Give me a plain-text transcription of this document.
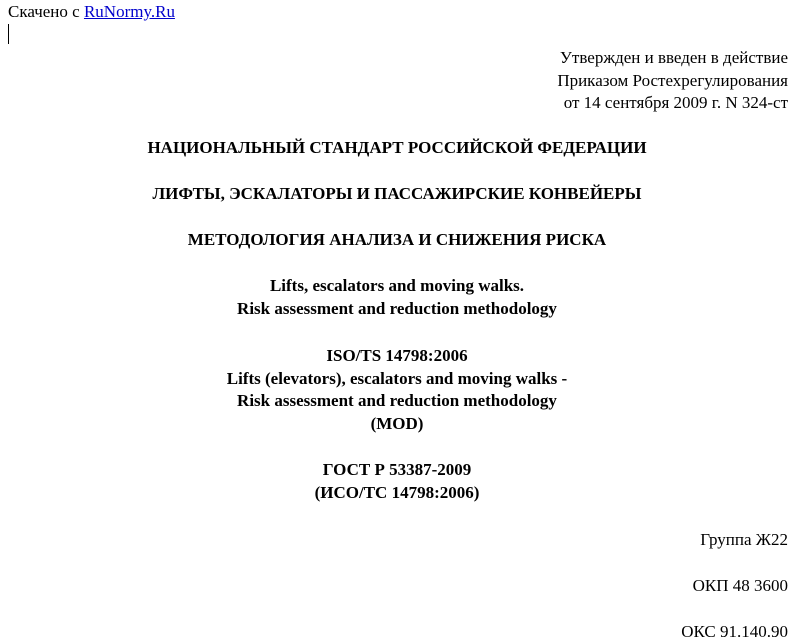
Скачено с RuNormy.Ru
Утвержден и введен в действие
Приказом Ростехрегулирования
от 14 сентября 2009 г. N 324-ст
НАЦИОНАЛЬНЫЙ СТАНДАРТ РОССИЙСКОЙ ФЕДЕРАЦИИ
ЛИФТЫ, ЭСКАЛАТОРЫ И ПАССАЖИРСКИЕ КОНВЕЙЕРЫ
МЕТОДОЛОГИЯ АНАЛИЗА И СНИЖЕНИЯ РИСКА
Lifts, escalators and moving walks.
Risk assessment and reduction methodology
ISO/TS 14798:2006
Lifts (elevators), escalators and moving walks -
Risk assessment and reduction methodology
(MOD)
ГОСТ Р 53387-2009
(ИСО/ТС 14798:2006)
Группа Ж22
ОКП 48 3600
ОКС 91.140.90
